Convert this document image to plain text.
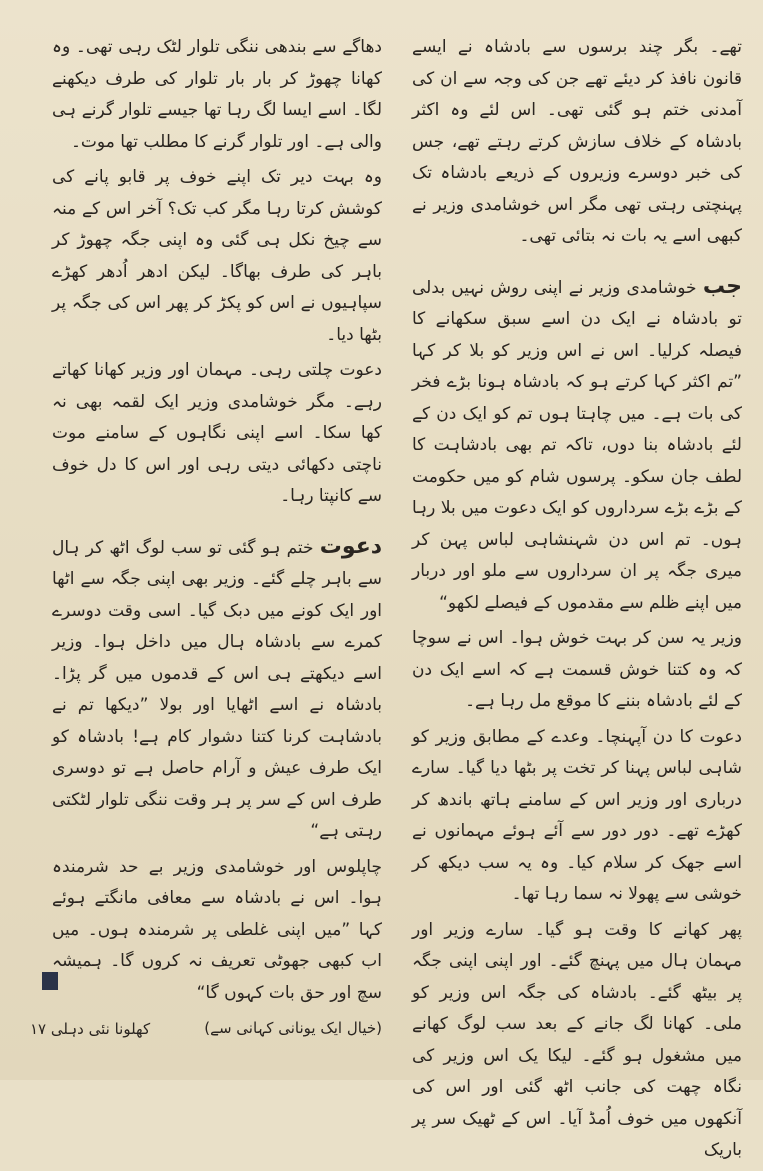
تھے۔ بگر چند برسوں سے بادشاہ نے ایسے قانون نافذ کر دیئے تھے جن کی وجہ سے ان کی آمدنی ختم ہو گئی تھی۔ اس لئے وہ اکثر بادشاہ کے خلاف سازش کرتے رہتے تھے، جس کی خبر دوسرے وزیروں کے ذریعے بادشاہ تک پہنچتی رہتی تھی مگر اس خوشامدی وزیر نے کبھی اسے یہ بات نہ بتائی تھی۔

جب خوشامدی وزیر نے اپنی روش نہیں بدلی تو بادشاہ نے ایک دن اسے سبق سکھانے کا فیصلہ کرلیا۔ اس نے اس وزیر کو بلا کر کہا ”تم اکثر کہا کرتے ہو کہ بادشاہ ہونا بڑے فخر کی بات ہے۔ میں چاہتا ہوں تم کو ایک دن کے لئے بادشاہ بنا دوں، تاکہ تم بھی بادشاہت کا لطف جان سکو۔ پرسوں شام کو میں حکومت کے بڑے بڑے سرداروں کو ایک دعوت میں بلا رہا ہوں۔ تم اس دن شہنشاہی لباس پہن کر میری جگہ پر ان سرداروں سے ملو اور دربار میں اپنے ظلم سے مقدموں کے فیصلے لکھو“

وزیر یہ سن کر بہت خوش ہوا۔ اس نے سوچا کہ وہ کتنا خوش قسمت ہے کہ اسے ایک دن کے لئے بادشاہ بننے کا موقع مل رہا ہے۔

دعوت کا دن آپہنچا۔ وعدے کے مطابق وزیر کو شاہی لباس پہنا کر تخت پر بٹھا دیا گیا۔ سارے درباری اور وزیر اس کے سامنے ہاتھ باندھ کر کھڑے تھے۔ دور دور سے آئے ہوئے مہمانوں نے اسے جھک کر سلام کیا۔ وہ یہ سب دیکھ کر خوشی سے پھولا نہ سما رہا تھا۔

پھر کھانے کا وقت ہو گیا۔ سارے وزیر اور مہمان ہال میں پہنچ گئے۔ اور اپنی اپنی جگہ پر بیٹھ گئے۔ بادشاہ کی جگہ اس وزیر کو ملی۔ کھانا لگ جانے کے بعد سب لوگ کھانے میں مشغول ہو گئے۔ لیکا یک اس وزیر کی نگاہ چھت کی جانب اٹھ گئی اور اس کی آنکھوں میں خوف اُمڈ آیا۔ اس کے ٹھیک سر پر باریک

دھاگے سے بندھی ننگی تلوار لٹک رہی تھی۔ وہ کھانا چھوڑ کر بار بار تلوار کی طرف دیکھنے لگا۔ اسے ایسا لگ رہا تھا جیسے تلوار گرنے ہی والی ہے۔ اور تلوار گرنے کا مطلب تھا موت۔

وہ بہت دیر تک اپنے خوف پر قابو پانے کی کوشش کرتا رہا مگر کب تک؟ آخر اس کے منہ سے چیخ نکل ہی گئی وہ اپنی جگہ چھوڑ کر باہر کی طرف بھاگا۔ لیکن ادھر اُدھر کھڑے سپاہیوں نے اس کو پکڑ کر پھر اس کی جگہ پر بٹھا دیا۔

دعوت چلتی رہی۔ مہمان اور وزیر کھانا کھاتے رہے۔ مگر خوشامدی وزیر ایک لقمہ بھی نہ کھا سکا۔ اسے اپنی نگاہوں کے سامنے موت ناچتی دکھائی دیتی رہی اور اس کا دل خوف سے کانپتا رہا۔

دعوت ختم ہو گئی تو سب لوگ اٹھ کر ہال سے باہر چلے گئے۔ وزیر بھی اپنی جگہ سے اٹھا اور ایک کونے میں دبک گیا۔ اسی وقت دوسرے کمرے سے بادشاہ ہال میں داخل ہوا۔ وزیر اسے دیکھتے ہی اس کے قدموں میں گر پڑا۔ بادشاہ نے اسے اٹھایا اور بولا ”دیکھا تم نے بادشاہت کرنا کتنا دشوار کام ہے! بادشاہ کو ایک طرف عیش و آرام حاصل ہے تو دوسری طرف اس کے سر پر ہر وقت ننگی تلوار لٹکتی رہتی ہے“

چاپلوس اور خوشامدی وزیر بے حد شرمندہ ہوا۔ اس نے بادشاہ سے معافی مانگتے ہوئے کہا ”میں اپنی غلطی پر شرمندہ ہوں۔ میں اب کبھی جھوٹی تعریف نہ کروں گا۔ ہمیشہ سچ اور حق بات کہوں گا“

(خیال ایک یونانی کہانی سے)

کھلونا نئی دہلی ۱۷
